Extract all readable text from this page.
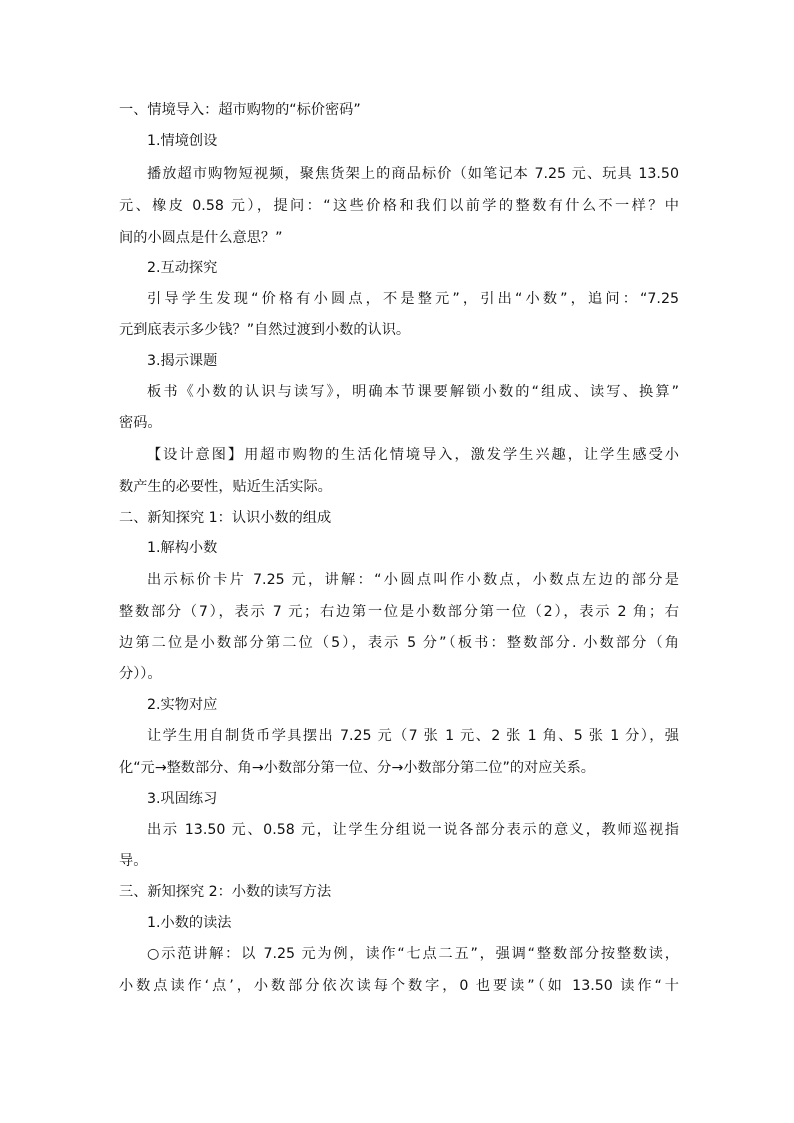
一、情境导入：超市购物的“标价密码”
1.情境创设
播放超市购物短视频，聚焦货架上的商品标价（如笔记本 7.25 元、玩具 13.50
元、橡皮 0.58 元），提问：“这些价格和我们以前学的整数有什么不一样？中
间的小圆点是什么意思？”
2.互动探究
引导学生发现“价格有小圆点，不是整元”，引出“小数”，追问：“7.25
元到底表示多少钱？”自然过渡到小数的认识。
3.揭示课题
板书《小数的认识与读写》，明确本节课要解锁小数的“组成、读写、换算”
密码。
【设计意图】用超市购物的生活化情境导入，激发学生兴趣，让学生感受小
数产生的必要性，贴近生活实际。
二、新知探究 1：认识小数的组成
1.解构小数
出示标价卡片 7.25 元，讲解：“小圆点叫作小数点，小数点左边的部分是
整数部分（7），表示 7 元；右边第一位是小数部分第一位（2），表示 2 角；右
边第二位是小数部分第二位（5），表示 5 分”（板书：整数部分. 小数部分（角
分））。
2.实物对应
让学生用自制货币学具摆出 7.25 元（7 张 1 元、2 张 1 角、5 张 1 分），强
化“元→整数部分、角→小数部分第一位、分→小数部分第二位”的对应关系。
3.巩固练习
出示 13.50 元、0.58 元，让学生分组说一说各部分表示的意义，教师巡视指
导。
三、新知探究 2：小数的读写方法
1.小数的读法
○示范讲解：以 7.25 元为例，读作“七点二五”，强调“整数部分按整数读，
小数点读作‘点’，小数部分依次读每个数字，0 也要读”（如 13.50 读作“十
